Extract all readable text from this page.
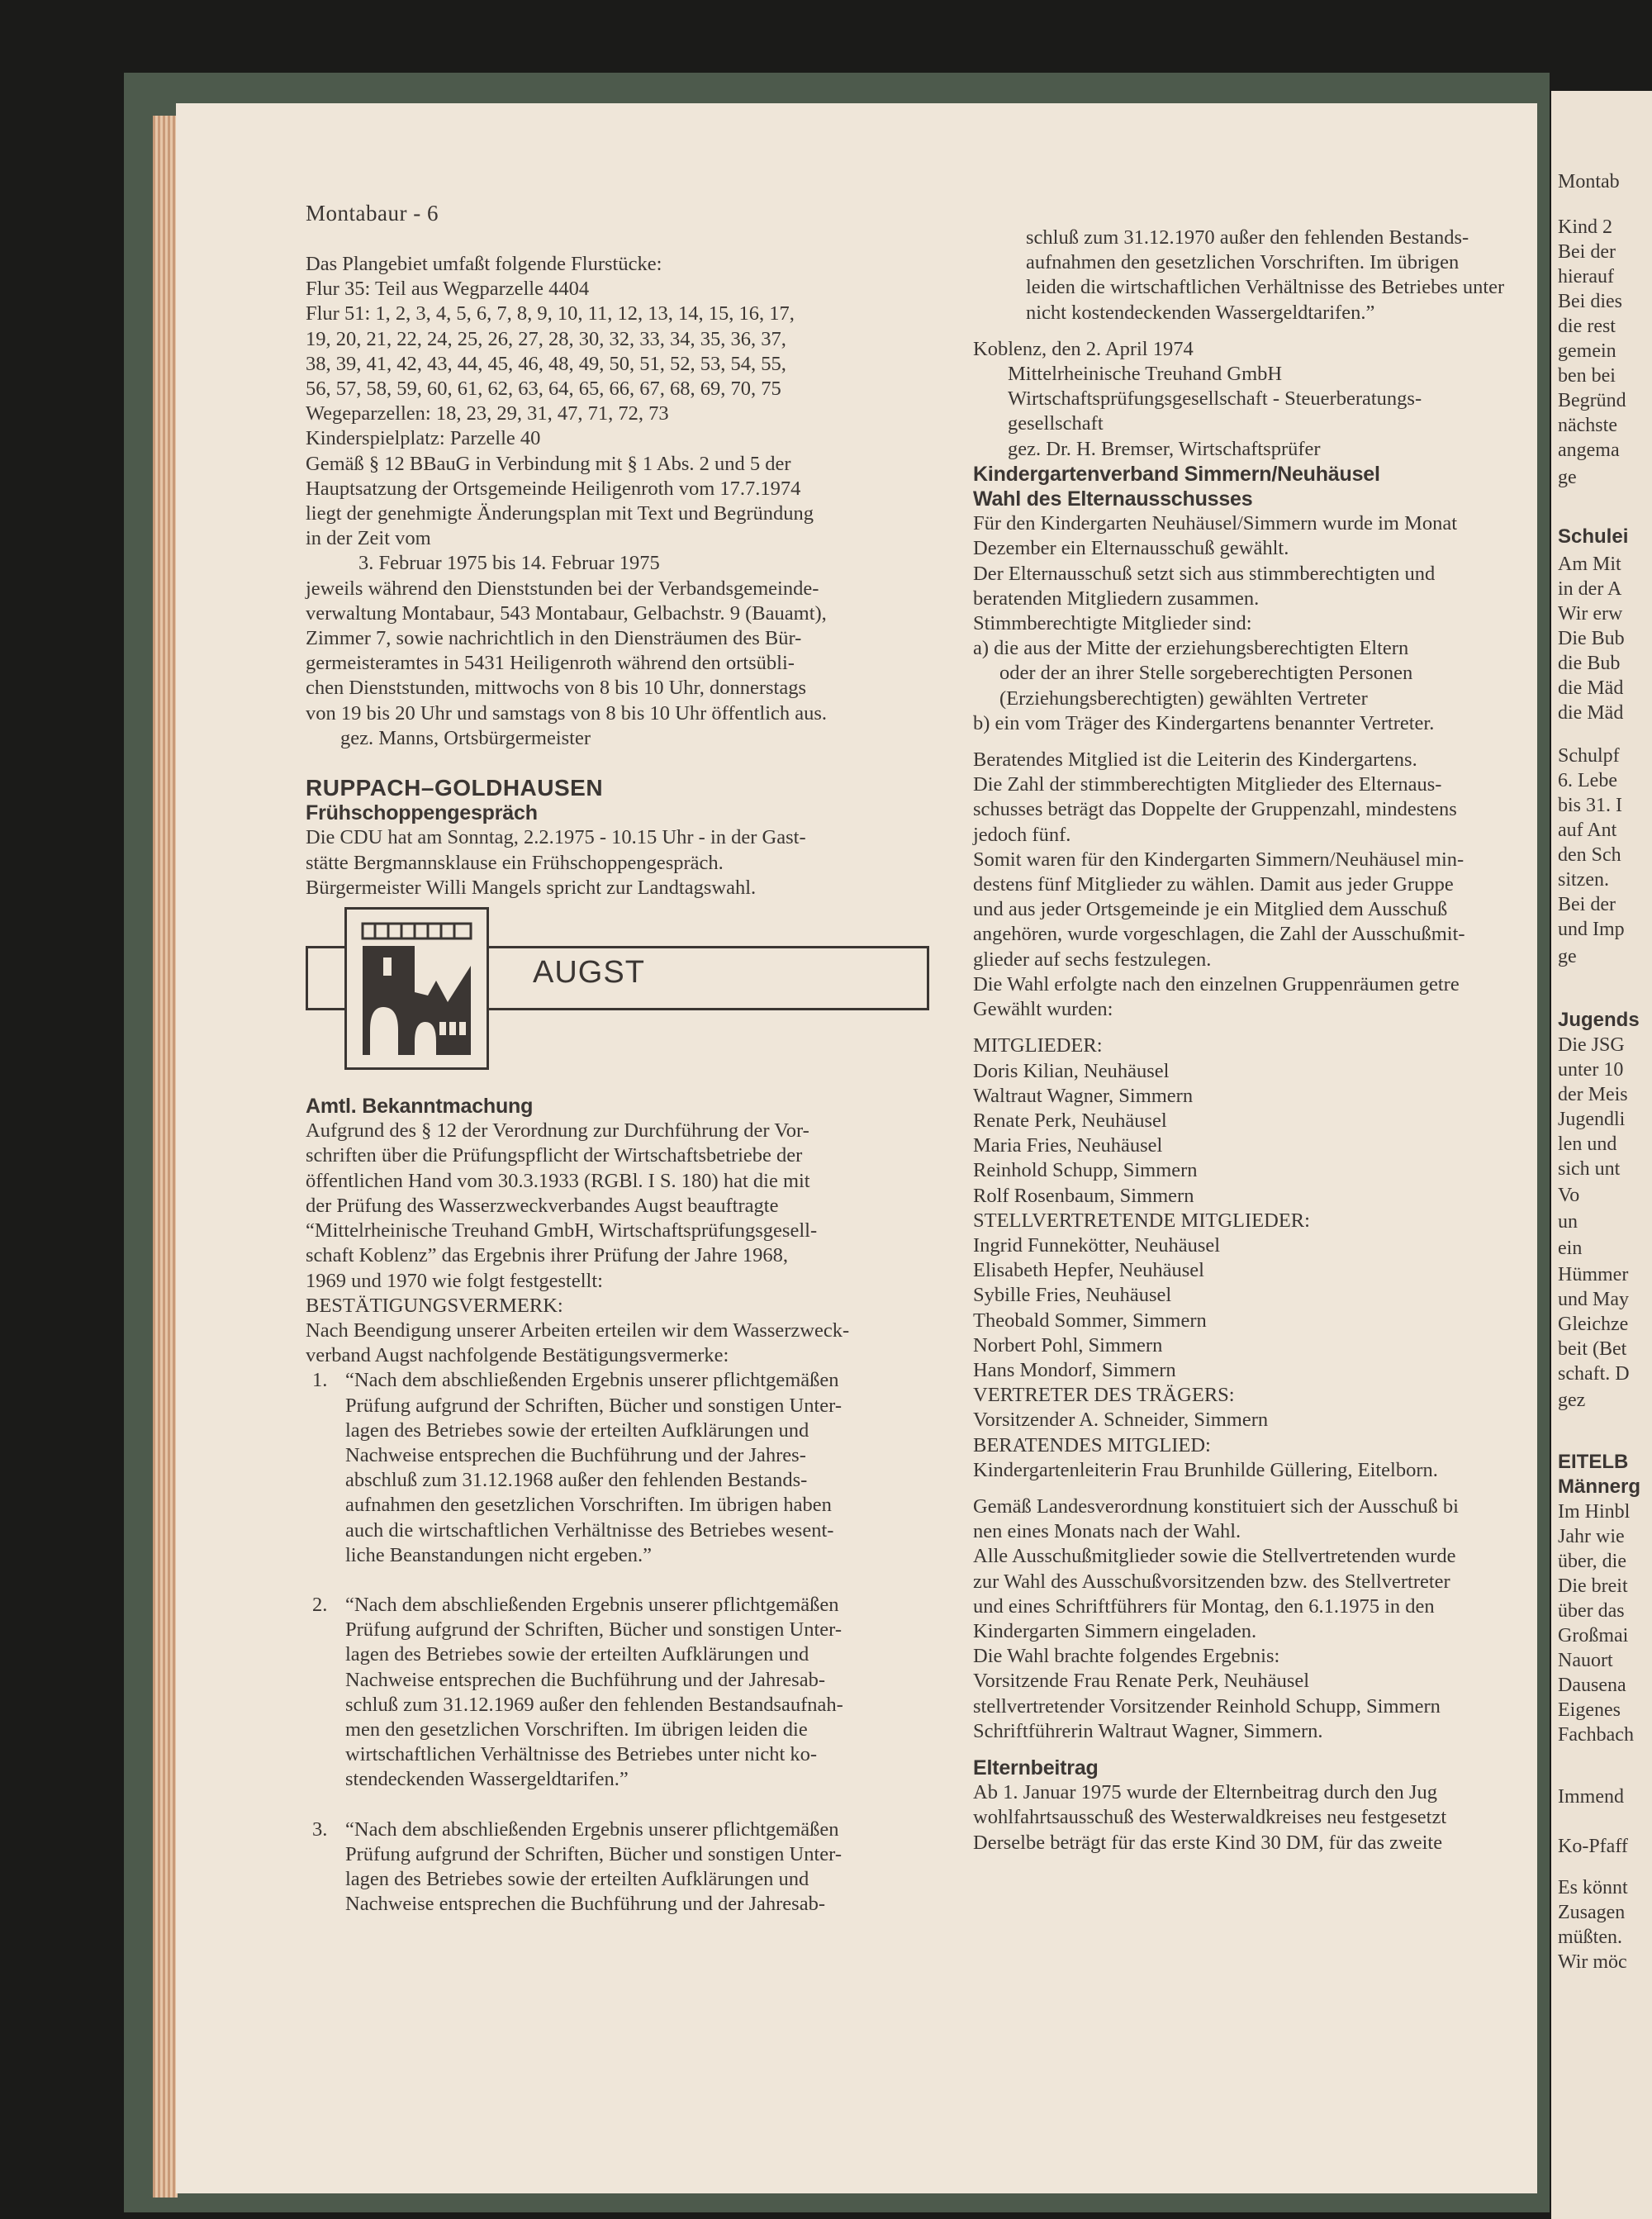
Montabaur - 6
Das Plangebiet umfaßt folgende Flurstücke:
Flur 35: Teil aus Wegparzelle 4404
Flur 51: 1, 2, 3, 4, 5, 6, 7, 8, 9, 10, 11, 12, 13, 14, 15, 16, 17,
19, 20, 21, 22, 24, 25, 26, 27, 28, 30, 32, 33, 34, 35, 36, 37,
38, 39, 41, 42, 43, 44, 45, 46, 48, 49, 50, 51, 52, 53, 54, 55,
56, 57, 58, 59, 60, 61, 62, 63, 64, 65, 66, 67, 68, 69, 70, 75
Wegeparzellen: 18, 23, 29, 31, 47, 71, 72, 73
Kinderspielplatz: Parzelle 40
Gemäß § 12 BBauG in Verbindung mit § 1 Abs. 2 und 5 der
Hauptsatzung der Ortsgemeinde Heiligenroth vom 17.7.1974
liegt der genehmigte Änderungsplan mit Text und Begründung
in der Zeit vom
3. Februar 1975 bis 14. Februar 1975
jeweils während den Dienststunden bei der Verbandsgemeinde-
verwaltung Montabaur, 543 Montabaur, Gelbachstr. 9 (Bauamt),
Zimmer 7, sowie nachrichtlich in den Diensträumen des Bür-
germeisteramtes in 5431 Heiligenroth während den ortsübli-
chen Dienststunden, mittwochs von 8 bis 10 Uhr, donnerstags
von 19 bis 20 Uhr und samstags von 8 bis 10 Uhr öffentlich aus.
gez. Manns, Ortsbürgermeister
RUPPACH–GOLDHAUSEN
Frühschoppengespräch
Die CDU hat am Sonntag, 2.2.1975 - 10.15 Uhr - in der Gast-
stätte Bergmannsklause ein Frühschoppengespräch.
Bürgermeister Willi Mangels spricht zur Landtagswahl.
AUGST
Amtl. Bekanntmachung
Aufgrund des § 12 der Verordnung zur Durchführung der Vor-
schriften über die Prüfungspflicht der Wirtschaftsbetriebe der
öffentlichen Hand vom 30.3.1933 (RGBl. I S. 180) hat die mit
der Prüfung des Wasserzweckverbandes Augst beauftragte
“Mittelrheinische Treuhand GmbH, Wirtschaftsprüfungsgesell-
schaft Koblenz” das Ergebnis ihrer Prüfung der Jahre 1968,
1969 und 1970 wie folgt festgestellt:
BESTÄTIGUNGSVERMERK:
Nach Beendigung unserer Arbeiten erteilen wir dem Wasserzweck-
verband Augst nachfolgende Bestätigungsvermerke:
1. “Nach dem abschließenden Ergebnis unserer pflichtgemäßen
Prüfung aufgrund der Schriften, Bücher und sonstigen Unter-
lagen des Betriebes sowie der erteilten Aufklärungen und
Nachweise entsprechen die Buchführung und der Jahres-
abschluß zum 31.12.1968 außer den fehlenden Bestands-
aufnahmen den gesetzlichen Vorschriften. Im übrigen haben
auch die wirtschaftlichen Verhältnisse des Betriebes wesent-
liche Beanstandungen nicht ergeben.”
2. “Nach dem abschließenden Ergebnis unserer pflichtgemäßen
Prüfung aufgrund der Schriften, Bücher und sonstigen Unter-
lagen des Betriebes sowie der erteilten Aufklärungen und
Nachweise entsprechen die Buchführung und der Jahresab-
schluß zum 31.12.1969 außer den fehlenden Bestandsaufnah-
men den gesetzlichen Vorschriften. Im übrigen leiden die
wirtschaftlichen Verhältnisse des Betriebes unter nicht ko-
stendeckenden Wassergeldtarifen.”
3. “Nach dem abschließenden Ergebnis unserer pflichtgemäßen
Prüfung aufgrund der Schriften, Bücher und sonstigen Unter-
lagen des Betriebes sowie der erteilten Aufklärungen und
Nachweise entsprechen die Buchführung und der Jahresab-
schluß zum 31.12.1970 außer den fehlenden Bestands-
aufnahmen den gesetzlichen Vorschriften. Im übrigen
leiden die wirtschaftlichen Verhältnisse des Betriebes unter
nicht kostendeckenden Wassergeldtarifen.”
Koblenz, den 2. April 1974
Mittelrheinische Treuhand GmbH
Wirtschaftsprüfungsgesellschaft - Steuerberatungs-
gesellschaft
gez. Dr. H. Bremser, Wirtschaftsprüfer
Kindergartenverband Simmern/Neuhäusel
Wahl des Elternausschusses
Für den Kindergarten Neuhäusel/Simmern wurde im Monat
Dezember ein Elternausschuß gewählt.
Der Elternausschuß setzt sich aus stimmberechtigten und
beratenden Mitgliedern zusammen.
Stimmberechtigte Mitglieder sind:
a) die aus der Mitte der erziehungsberechtigten Eltern
oder der an ihrer Stelle sorgeberechtigten Personen
(Erziehungsberechtigten) gewählten Vertreter
b) ein vom Träger des Kindergartens benannter Vertreter.
Beratendes Mitglied ist die Leiterin des Kindergartens.
Die Zahl der stimmberechtigten Mitglieder des Elternaus-
schusses beträgt das Doppelte der Gruppenzahl, mindestens
jedoch fünf.
Somit waren für den Kindergarten Simmern/Neuhäusel min-
destens fünf Mitglieder zu wählen. Damit aus jeder Gruppe
und aus jeder Ortsgemeinde je ein Mitglied dem Ausschuß
angehören, wurde vorgeschlagen, die Zahl der Ausschußmit-
glieder auf sechs festzulegen.
Die Wahl erfolgte nach den einzelnen Gruppenräumen getre
Gewählt wurden:
MITGLIEDER:
Doris Kilian, Neuhäusel
Waltraut Wagner, Simmern
Renate Perk, Neuhäusel
Maria Fries, Neuhäusel
Reinhold Schupp, Simmern
Rolf Rosenbaum, Simmern
STELLVERTRETENDE MITGLIEDER:
Ingrid Funnekötter, Neuhäusel
Elisabeth Hepfer, Neuhäusel
Sybille Fries, Neuhäusel
Theobald Sommer, Simmern
Norbert Pohl, Simmern
Hans Mondorf, Simmern
VERTRETER DES TRÄGERS:
Vorsitzender A. Schneider, Simmern
BERATENDES MITGLIED:
Kindergartenleiterin Frau Brunhilde Güllering, Eitelborn.
Gemäß Landesverordnung konstituiert sich der Ausschuß bi
nen eines Monats nach der Wahl.
Alle Ausschußmitglieder sowie die Stellvertretenden wurde
zur Wahl des Ausschußvorsitzenden bzw. des Stellvertreter
und eines Schriftführers für Montag, den 6.1.1975 in den
Kindergarten Simmern eingeladen.
Die Wahl brachte folgendes Ergebnis:
Vorsitzende Frau Renate Perk, Neuhäusel
stellvertretender Vorsitzender Reinhold Schupp, Simmern
Schriftführerin Waltraut Wagner, Simmern.
Elternbeitrag
Ab 1. Januar 1975 wurde der Elternbeitrag durch den Jug
wohlfahrtsausschuß des Westerwaldkreises neu festgesetzt
Derselbe beträgt für das erste Kind 30 DM, für das zweite
Montab
Kind 2
Bei der
hierauf
Bei dies
die rest
gemein
ben bei
Begründ
nächste
angema
ge
Schulei
Am Mit
in der A
Wir erw
Die Bub
die Bub
die Mäd
die Mäd
Schulpf
6. Lebe
bis 31. I
auf Ant
den Sch
sitzen.
Bei der
und Imp
ge
Jugends
Die JSG
unter 10
der Meis
Jugendli
len und
sich unt
Vo
un
ein
Hümmer
und May
Gleichze
beit (Bet
schaft. D
gez
EITELB
Männerg
Im Hinbl
Jahr wie
über, die
Die breit
über das
Großmai
Nauort
Dausena
Eigenes
Fachbach
Immend
Ko-Pfaff
Es könnt
Zusagen
müßten.
Wir möc
